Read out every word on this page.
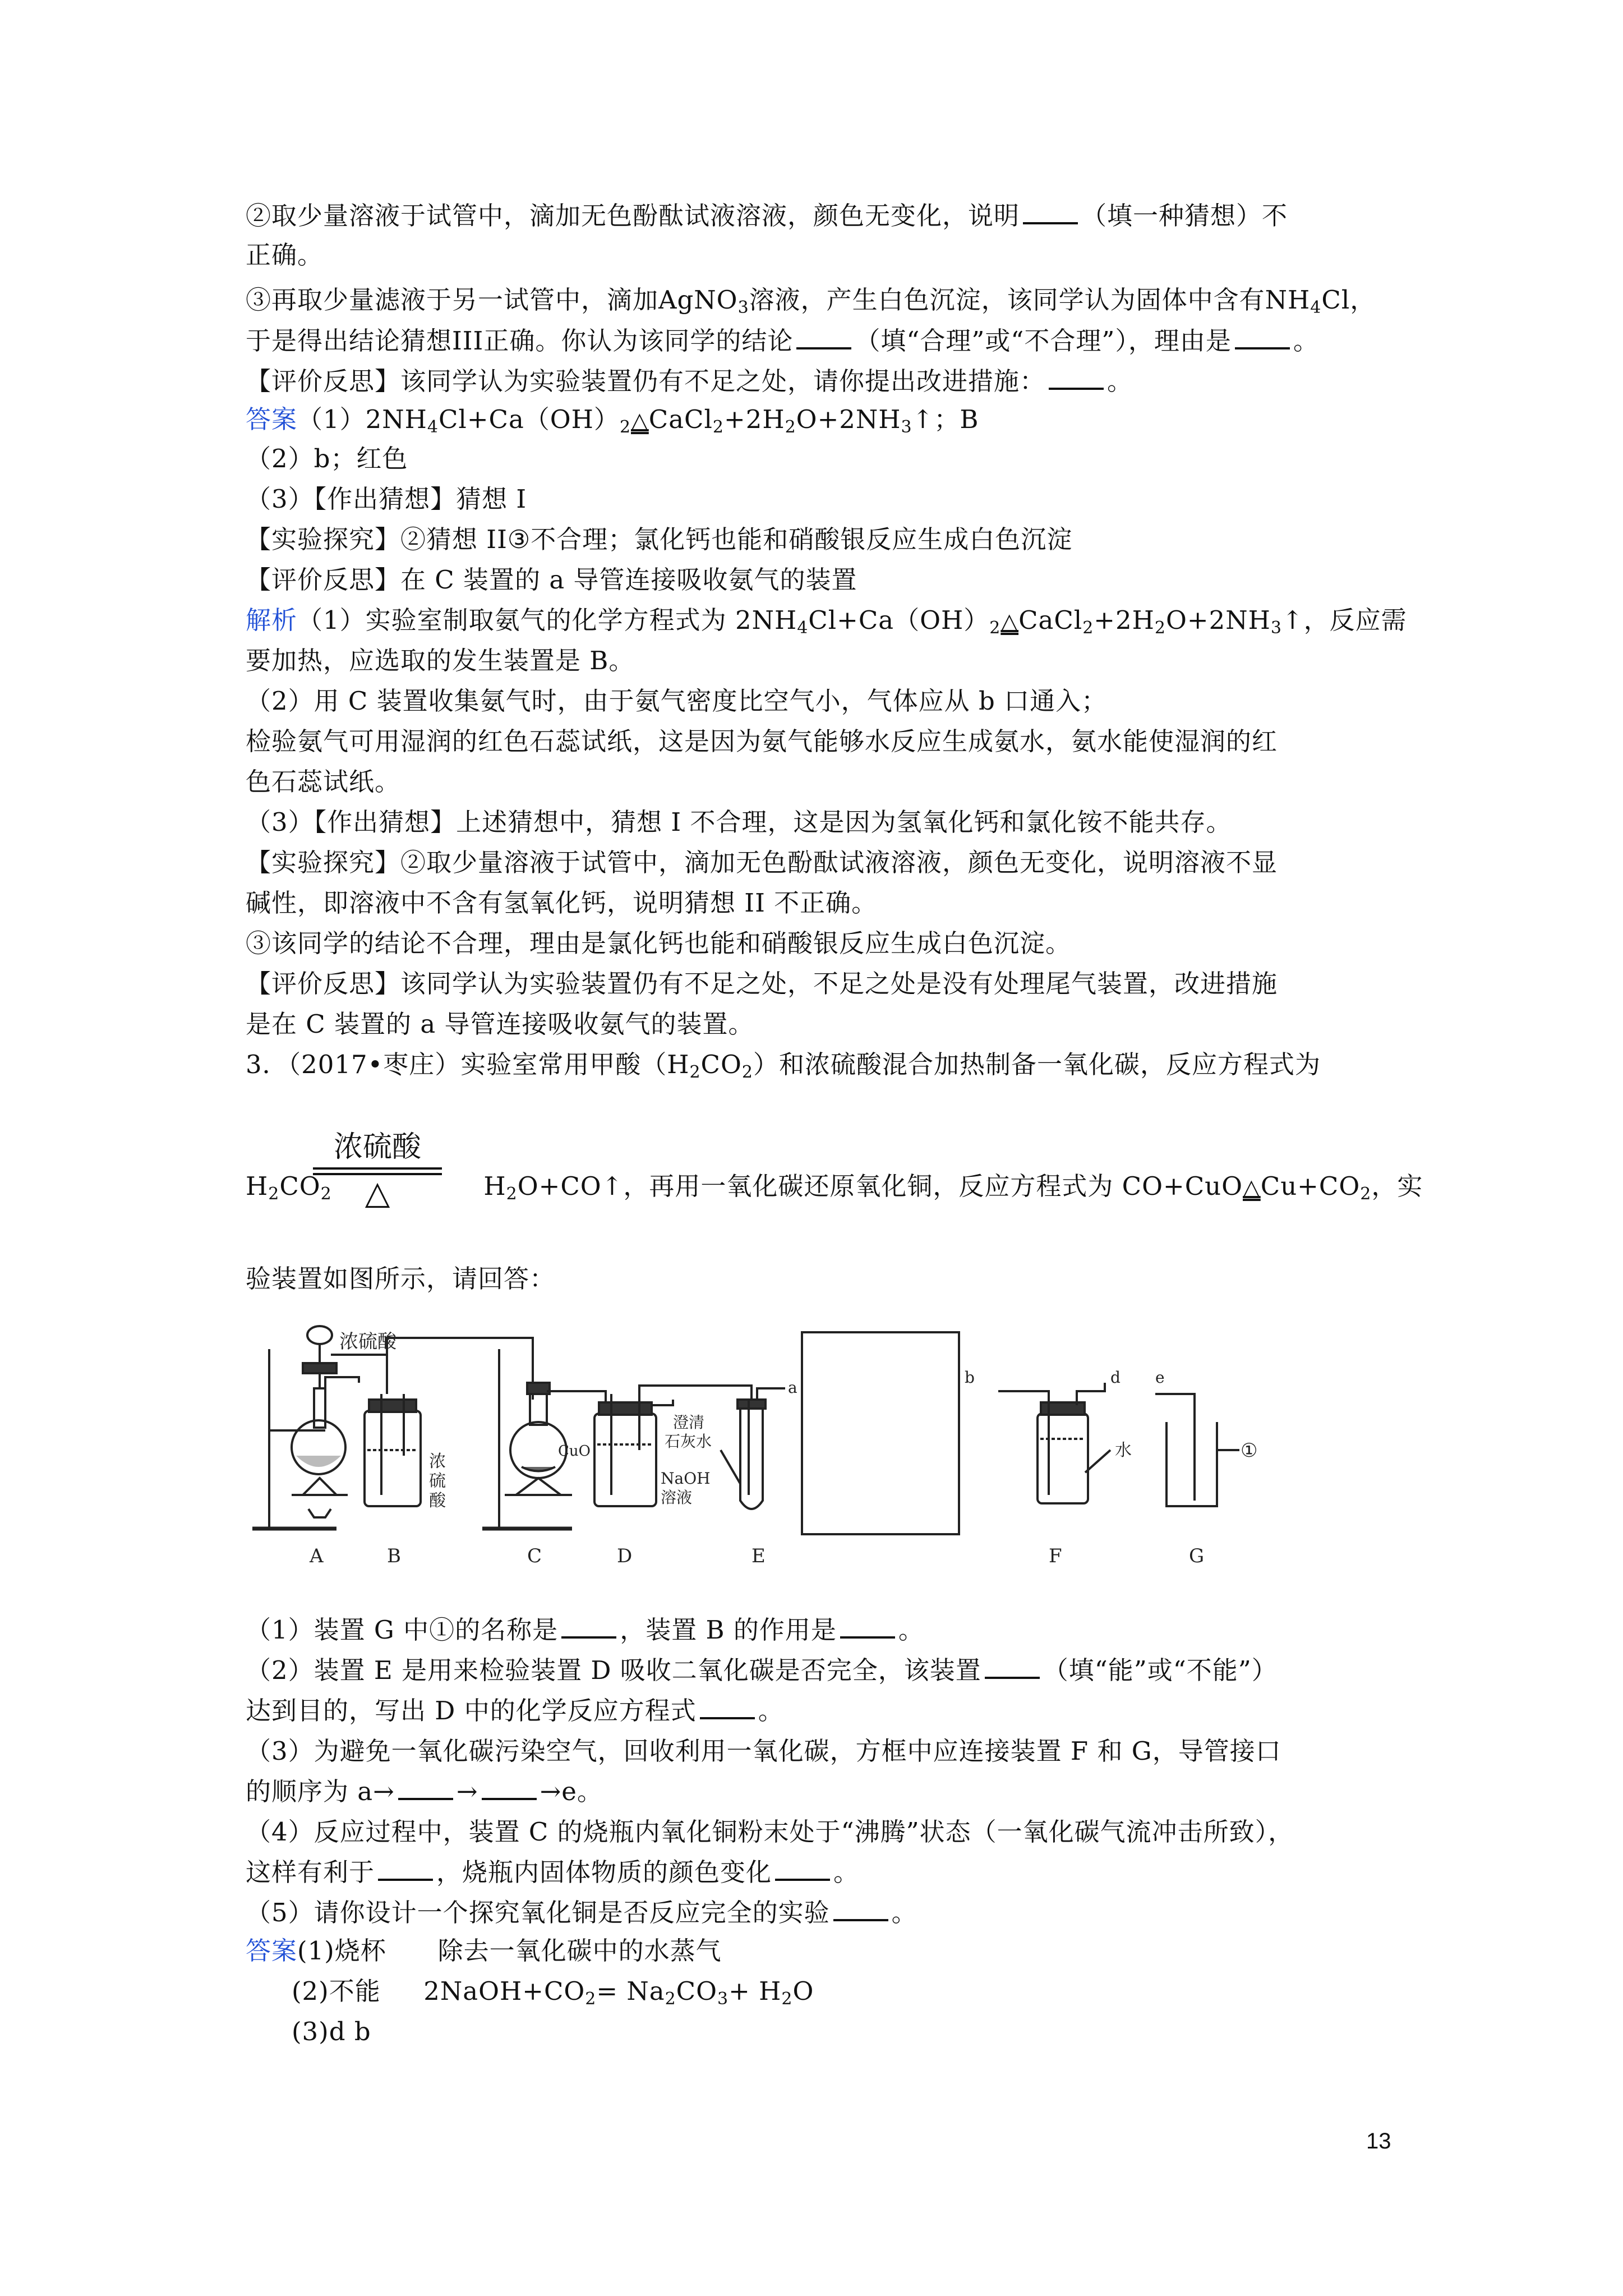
②取少量溶液于试管中，滴加无色酚酞试液溶液，颜色无变化，说明 （填一种猜想）不
正确。
③再取少量滤液于另一试管中，滴加AgNO$_3$溶液，产生白色沉淀，该同学认为固体中含有$NH_4Cl$，
于是得出结论猜想III正确。你认为该同学的结论 （填“合理”或“不合理”），理由是 。
【评价反思】该同学认为实验装置仍有不足之处，请你提出改进措施： 。
答案$(1)2NH_4Cl+Ca(OH)_2\triangle CaCl_2+2H_2O+2NH_3↑$；B
（2）b；红色
（3）【作出猜想】猜想 I
【实验探究】②猜想 II③不合理；氯化钙也能和硝酸银反应生成白色沉淀
【评价反思】在 C 装置的 a 导管连接吸收氨气的装置
解析（1）实验室制取氨气的化学方程式为 $2NH_4Cl+Ca(OH)_2\triangle CaCl_2+2H_2O+2NH_3↑$，反应需
要加热，应选取的发生装置是 B。
（2）用 C 装置收集氨气时，由于氨气密度比空气小，气体应从 b 口通入；
检验氨气可用湿润的红色石蕊试纸，这是因为氨气能够水反应生成氨水，氨水能使湿润的红
色石蕊试纸。
（3）【作出猜想】上述猜想中，猜想 I 不合理，这是因为氢氧化钙和氯化铵不能共存。
【实验探究】②取少量溶液于试管中，滴加无色酚酞试液溶液，颜色无变化，说明溶液不显
碱性，即溶液中不含有氢氧化钙，说明猜想 II 不正确。
③该同学的结论不合理，理由是氯化钙也能和硝酸银反应生成白色沉淀。
【评价反思】该同学认为实验装置仍有不足之处，不足之处是没有处理尾气装置，改进措施
是在 C 装置的 a 导管连接吸收氨气的装置。
3．（2017•枣庄）实验室常用甲酸$(H_2CO_2)$和浓硫酸混合加热制备一氧化碳，反应方程式为
$H_2CO_2$	$H_2O+CO↑$，再用一氧化碳还原氧化铜，反应方程式为 $CO+CuO\triangle Cu+CO_2$，实
浓硫酸
△
验装置如图所示，请回答：
浓硫酸
A
浓
硫
酸
B
CuO
C
NaOH
溶液
D
a
澄清
石灰水
E
b	d
水
F
e
①
G
（1）装置 G 中①的名称是 ，装置 B 的作用是 。
（2）装置 E 是用来检验装置 D 吸收二氧化碳是否完全，该装置 （填“能”或“不能”）
达到目的，写出 D 中的化学反应方程式 。
（3）为避免一氧化碳污染空气，回收利用一氧化碳，方框中应连接装置 F 和 G，导管接口
的顺序为 a→ → →e。
（4）反应过程中，装置 C 的烧瓶内氧化铜粉末处于“沸腾”状态（一氧化碳气流冲击所致），
这样有利于 ，烧瓶内固体物质的颜色变化 。
（5）请你设计一个探究氧化铜是否反应完全的实验 。
答案(1)烧杯      除去一氧化碳中的水蒸气
(2)不能     $2NaOH+CO_2= Na_2CO_3+ H_2O$
(3)d b
13
